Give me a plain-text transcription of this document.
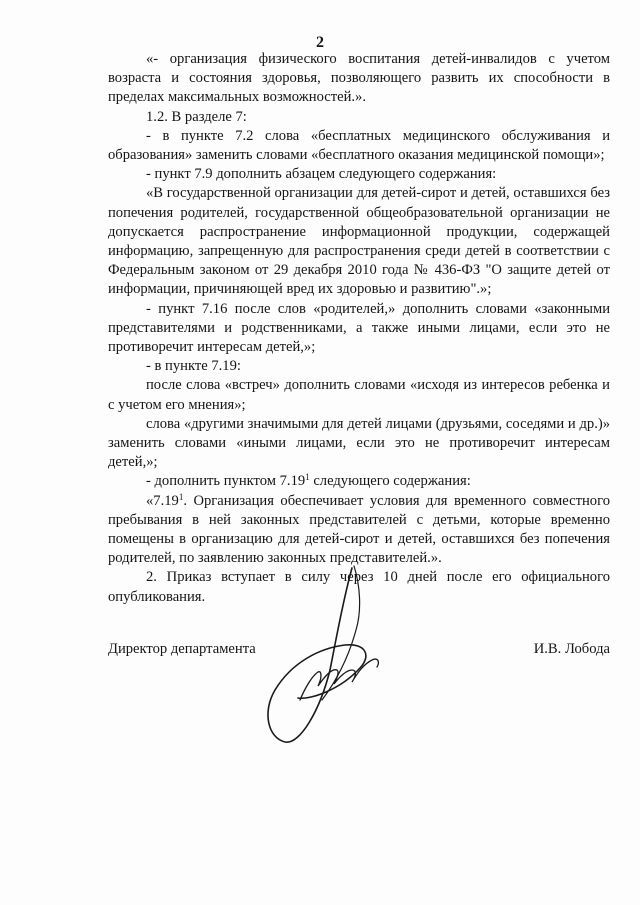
2

«- организация физического воспитания детей-инвалидов с учетом возраста и состояния здоровья, позволяющего развить их способности в пределах максимальных возможностей.».

1.2. В разделе 7:

- в пункте 7.2 слова «бесплатных медицинского обслуживания и образования» заменить словами «бесплатного оказания медицинской помощи»;

- пункт 7.9 дополнить абзацем следующего содержания:

«В государственной организации для детей-сирот и детей, оставшихся без попечения родителей, государственной общеобразовательной организации не допускается распространение информационной продукции, содержащей информацию, запрещенную для распространения среди детей в соответствии с Федеральным законом от 29 декабря 2010 года № 436-ФЗ "О защите детей от информации, причиняющей вред их здоровью и развитию".»;

- пункт 7.16 после слов «родителей,» дополнить словами «законными представителями и родственниками, а также иными лицами, если это не противоречит интересам детей,»;

- в пункте 7.19:

после слова «встреч» дополнить словами «исходя из интересов ребенка и с учетом его мнения»;

слова «другими значимыми для детей лицами (друзьями, соседями и др.)» заменить словами «иными лицами, если это не противоречит интересам детей,»;

- дополнить пунктом 7.19$^1$ следующего содержания:

«7.19$^1$. Организация обеспечивает условия для временного совместного пребывания в ней законных представителей с детьми, которые временно помещены в организацию для детей-сирот и детей, оставшихся без попечения родителей, по заявлению законных представителей.».

2. Приказ вступает в силу через 10 дней после его официального опубликования.

Директор департамента	И.В. Лобода
